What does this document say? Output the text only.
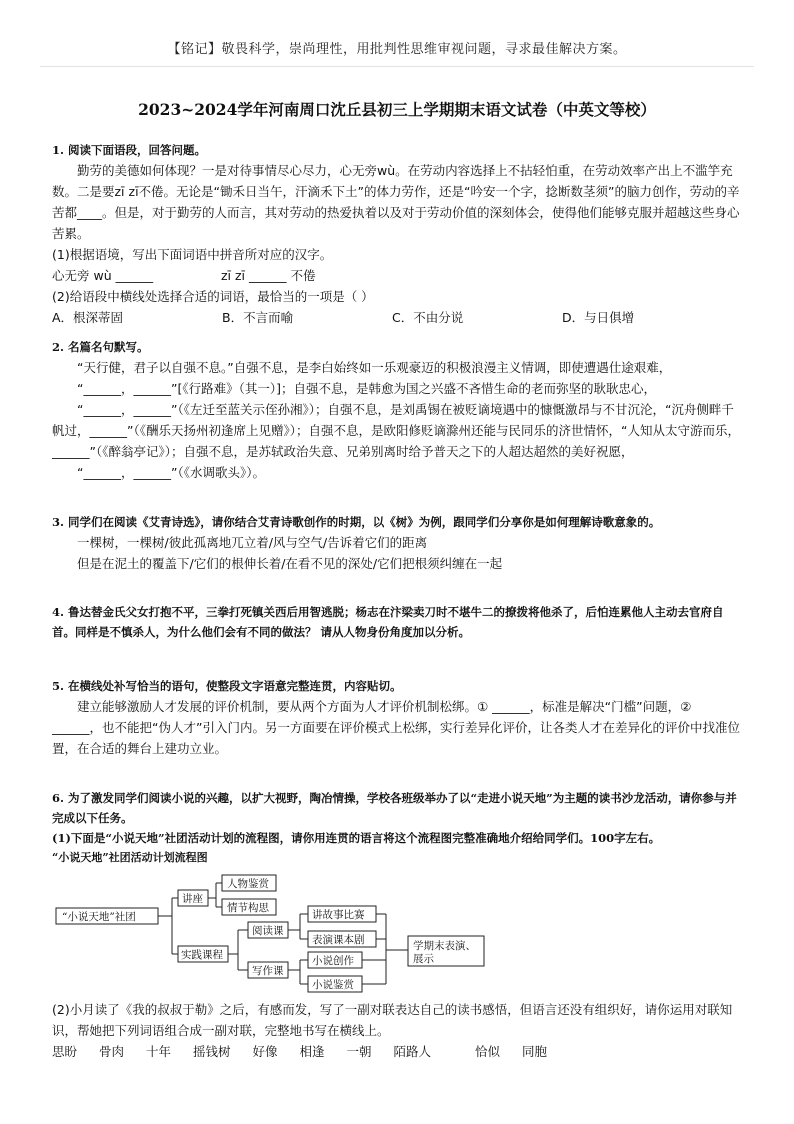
【铭记】敬畏科学，崇尚理性，用批判性思维审视问题，寻求最佳解决方案。
2023~2024学年河南周口沈丘县初三上学期期末语文试卷（中英文等校）
1. 阅读下面语段，回答问题。
勤劳的美德如何体现？一是对待事情尽心尽力，心无旁wù。在劳动内容选择上不拈轻怕重，在劳动效率产出上不滥竽充数。二是要zī zī不倦。无论是“锄禾日当午，汗滴禾下土”的体力劳作，还是“吟安一个字，捻断数茎须”的脑力创作，劳动的辛苦都____。但是，对于勤劳的人而言，其对劳动的热爱执着以及对于劳动价值的深刻体会，使得他们能够克服并超越这些身心苦累。
(1)根据语境，写出下面词语中拼音所对应的汉字。
心无旁 wù ______	zī zī ______ 不倦
(2)给语段中横线处选择合适的词语，最恰当的一项是（ ）
A．根深蒂固	B．不言而喻	C．不由分说	D．与日俱增
2. 名篇名句默写。
“天行健，君子以自强不息。”自强不息，是李白始终如一乐观豪迈的积极浪漫主义情调，即使遭遇仕途艰难，
“______，______”[《行路难》（其一）]；自强不息，是韩愈为国之兴盛不吝惜生命的老而弥坚的耿耿忠心，
“______，______”（《左迁至蓝关示侄孙湘》）；自强不息，是刘禹锡在被贬谪境遇中的慷慨激昂与不甘沉沦，“沉舟侧畔千帆过，______”（《酬乐天扬州初逢席上见赠》）；自强不息，是欧阳修贬谪滁州还能与民同乐的济世情怀，“人知从太守游而乐，______”（《醉翁亭记》）；自强不息，是苏轼政治失意、兄弟别离时给予普天之下的人超达超然的美好祝愿，
“______，______”（《水调歌头》）。
3. 同学们在阅读《艾青诗选》，请你结合艾青诗歌创作的时期，以《树》为例，跟同学们分享你是如何理解诗歌意象的。
一棵树，一棵树/彼此孤离地兀立着/风与空气/告诉着它们的距离
但是在泥土的覆盖下/它们的根伸长着/在看不见的深处/它们把根须纠缠在一起
4. 鲁达替金氏父女打抱不平，三拳打死镇关西后用智逃脱；杨志在汴梁卖刀时不堪牛二的撩拨将他杀了，后怕连累他人主动去官府自首。同样是不慎杀人，为什么他们会有不同的做法？ 请从人物身份角度加以分析。
5. 在横线处补写恰当的语句，使整段文字语意完整连贯，内容贴切。
建立能够激励人才发展的评价机制，要从两个方面为人才评价机制松绑。① ______，标准是解决“门槛”问题，② ______，也不能把“伪人才”引入门内。另一方面要在评价模式上松绑，实行差异化评价，让各类人才在差异化的评价中找准位置，在合适的舞台上建功立业。
6. 为了激发同学们阅读小说的兴趣，以扩大视野，陶冶情操，学校各班级举办了以“走进小说天地”为主题的读书沙龙活动，请你参与并完成以下任务。
(1)下面是“小说天地”社团活动计划的流程图，请你用连贯的语言将这个流程图完整准确地介绍给同学们。100字左右。
“小说天地”社团活动计划流程图
“小说天地”社团
讲座
人物鉴赏
情节构思
实践课程
阅读课
讲故事比赛
表演课本剧
写作课
小说创作
小说鉴赏
学期末表演、
展示
(2)小月读了《我的叔叔于勒》之后，有感而发，写了一副对联表达自己的读书感悟，但语言还没有组织好，请你运用对联知识，帮她把下列词语组合成一副对联，完整地书写在横线上。
思盼 骨肉 十年 摇钱树 好像 相逢 一朝 陌路人	恰似 同胞
